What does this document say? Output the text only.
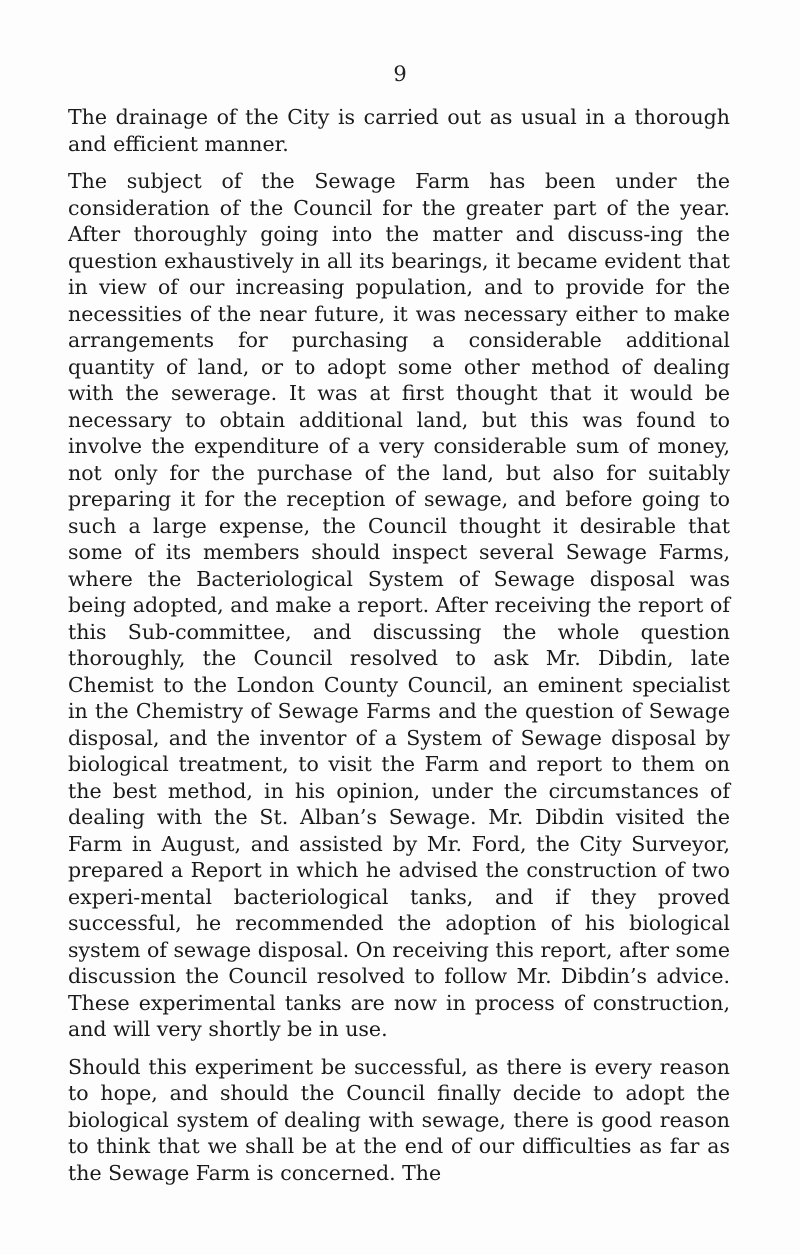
9

The drainage of the City is carried out as usual in a thorough and efficient manner.

The subject of the Sewage Farm has been under the consideration of the Council for the greater part of the year. After thoroughly going into the matter and discuss-ing the question exhaustively in all its bearings, it became evident that in view of our increasing population, and to provide for the necessities of the near future, it was necessary either to make arrangements for purchasing a considerable additional quantity of land, or to adopt some other method of dealing with the sewerage. It was at first thought that it would be necessary to obtain additional land, but this was found to involve the expenditure of a very considerable sum of money, not only for the purchase of the land, but also for suitably preparing it for the reception of sewage, and before going to such a large expense, the Council thought it desirable that some of its members should inspect several Sewage Farms, where the Bacteriological System of Sewage disposal was being adopted, and make a report. After receiving the report of this Sub-committee, and discussing the whole question thoroughly, the Council resolved to ask Mr. Dibdin, late Chemist to the London County Council, an eminent specialist in the Chemistry of Sewage Farms and the question of Sewage disposal, and the inventor of a System of Sewage disposal by biological treatment, to visit the Farm and report to them on the best method, in his opinion, under the circumstances of dealing with the St. Alban’s Sewage. Mr. Dibdin visited the Farm in August, and assisted by Mr. Ford, the City Surveyor, prepared a Report in which he advised the construction of two experi-mental bacteriological tanks, and if they proved successful, he recommended the adoption of his biological system of sewage disposal. On receiving this report, after some discussion the Council resolved to follow Mr. Dibdin’s advice. These experimental tanks are now in process of construction, and will very shortly be in use.

Should this experiment be successful, as there is every reason to hope, and should the Council finally decide to adopt the biological system of dealing with sewage, there is good reason to think that we shall be at the end of our difficulties as far as the Sewage Farm is concerned. The
